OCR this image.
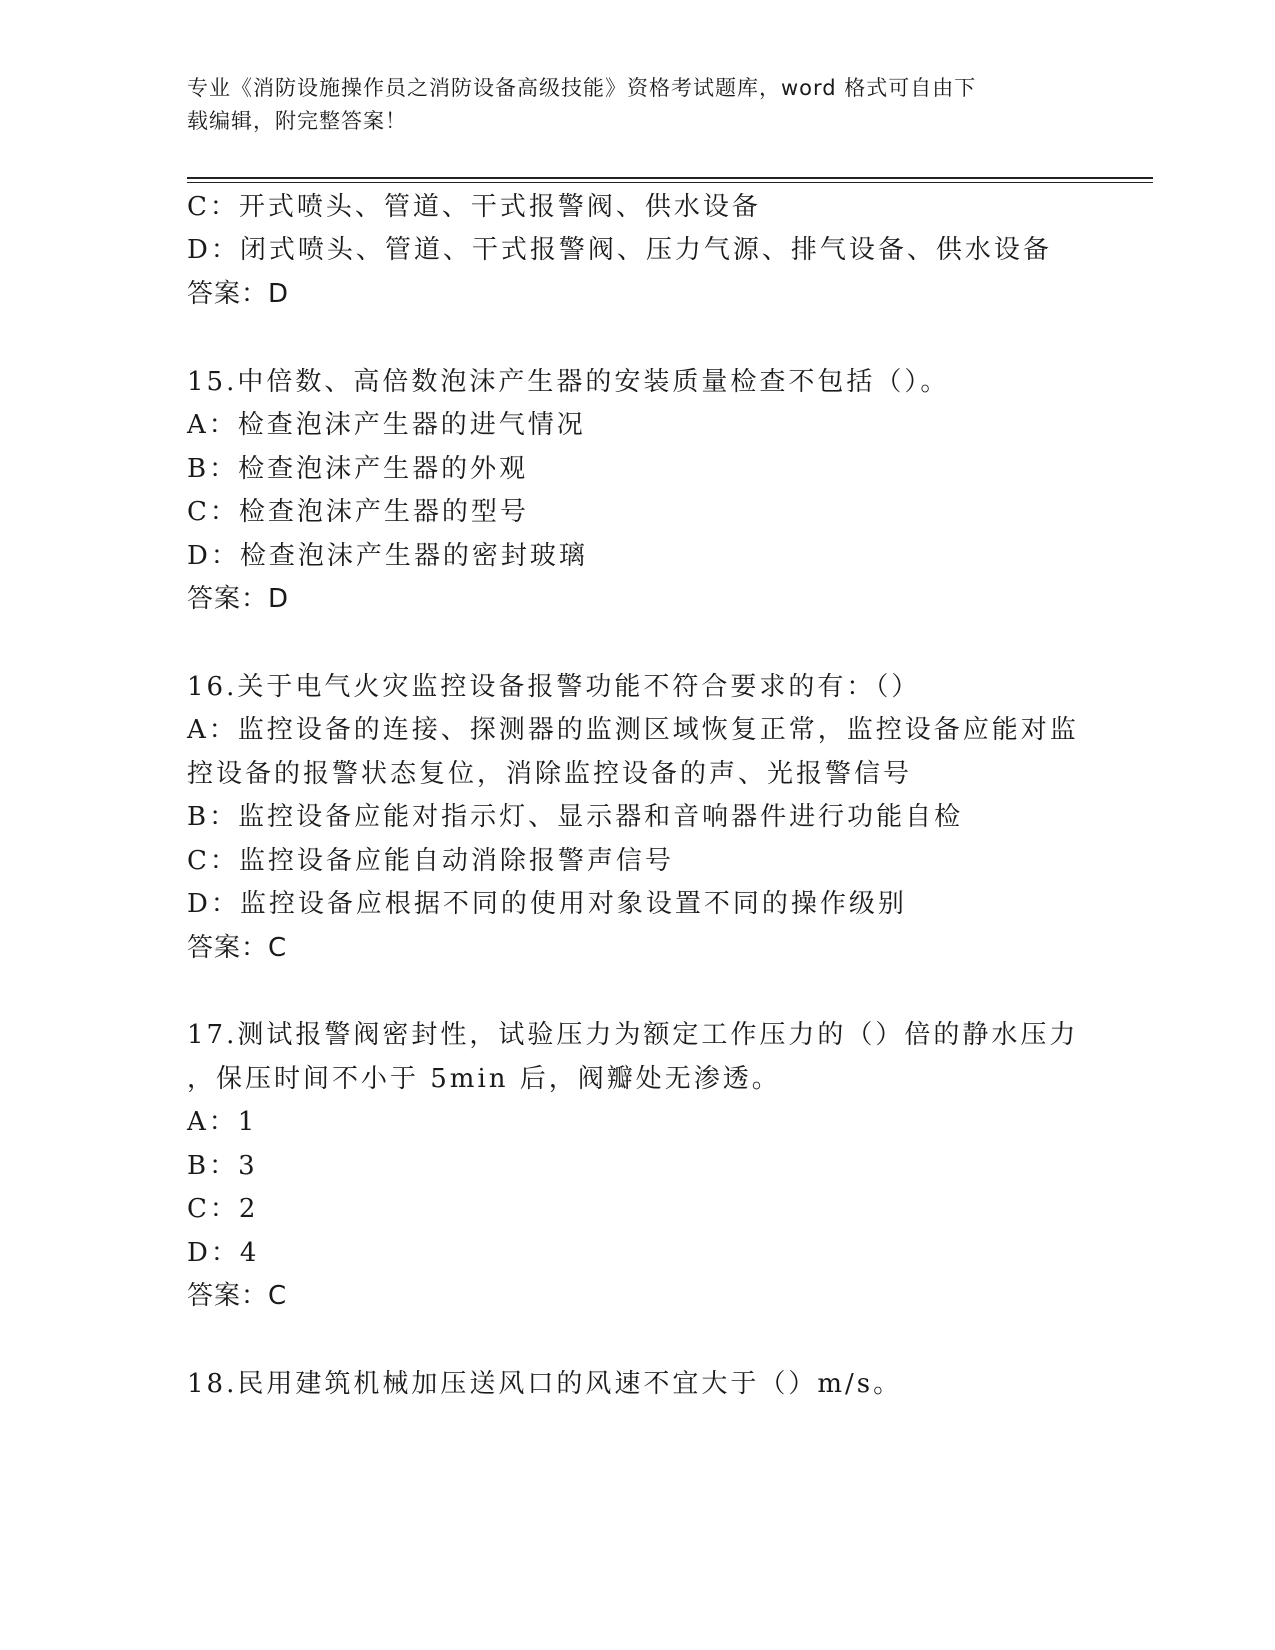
专业《消防设施操作员之消防设备高级技能》资格考试题库，word 格式可自由下
载编辑，附完整答案！
C：开式喷头、管道、干式报警阀、供水设备
D：闭式喷头、管道、干式报警阀、压力气源、排气设备、供水设备
答案：D
15.中倍数、高倍数泡沫产生器的安装质量检查不包括（）。
A：检查泡沫产生器的进气情况
B：检查泡沫产生器的外观
C：检查泡沫产生器的型号
D：检查泡沫产生器的密封玻璃
答案：D
16.关于电气火灾监控设备报警功能不符合要求的有：（）
A：监控设备的连接、探测器的监测区域恢复正常，监控设备应能对监
控设备的报警状态复位，消除监控设备的声、光报警信号
B：监控设备应能对指示灯、显示器和音响器件进行功能自检
C：监控设备应能自动消除报警声信号
D：监控设备应根据不同的使用对象设置不同的操作级别
答案：C
17.测试报警阀密封性，试验压力为额定工作压力的（）倍的静水压力
，保压时间不小于 5min 后，阀瓣处无渗透。
A：1
B：3
C：2
D：4
答案：C
18.民用建筑机械加压送风口的风速不宜大于（）m/s。
